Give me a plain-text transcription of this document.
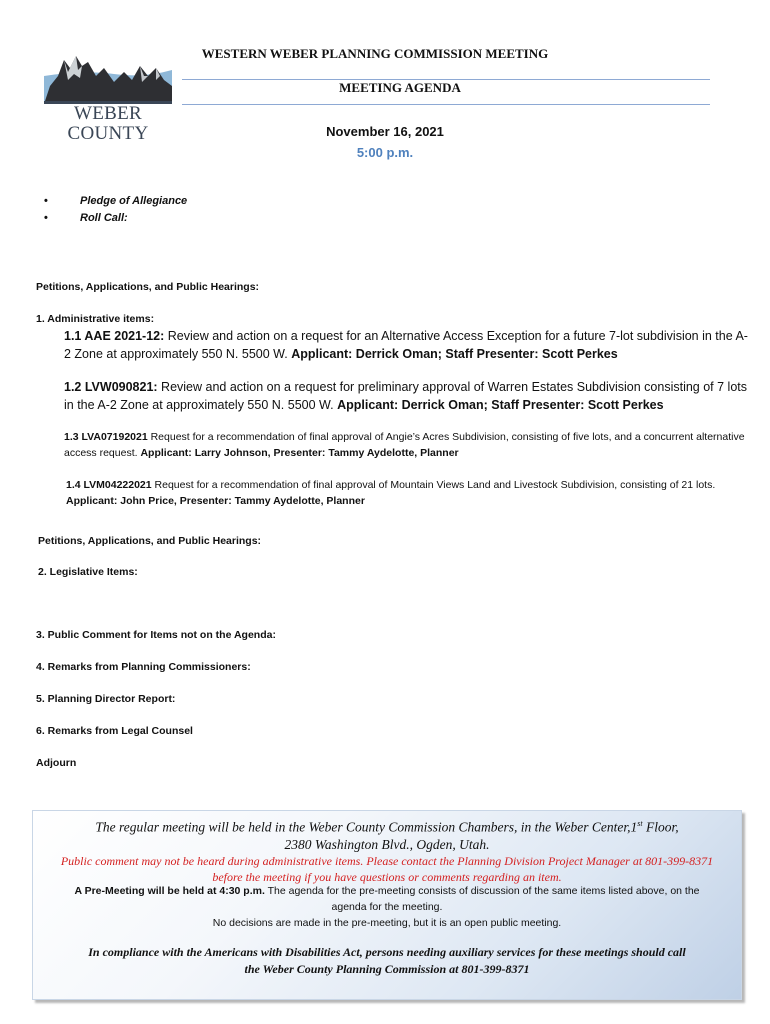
WEBER COUNTY
WESTERN WEBER PLANNING COMMISSION MEETING
MEETING AGENDA
November 16, 2021
5:00 p.m.
•	Pledge of Allegiance
•	Roll Call:
Petitions, Applications, and Public Hearings:
1. Administrative items:
1.1 AAE 2021-12: Review and action on a request for an Alternative Access Exception for a future 7-lot subdivision in the A-2 Zone at approximately 550 N. 5500 W. Applicant: Derrick Oman; Staff Presenter: Scott Perkes
1.2 LVW090821: Review and action on a request for preliminary approval of Warren Estates Subdivision consisting of 7 lots in the A-2 Zone at approximately 550 N. 5500 W. Applicant: Derrick Oman; Staff Presenter: Scott Perkes
1.3 LVA07192021 Request for a recommendation of final approval of Angie’s Acres Subdivision, consisting of five lots, and a concurrent alternative access request. Applicant: Larry Johnson, Presenter: Tammy Aydelotte, Planner
1.4 LVM04222021 Request for a recommendation of final approval of Mountain Views Land and Livestock Subdivision, consisting of 21 lots. Applicant: John Price, Presenter: Tammy Aydelotte, Planner
Petitions, Applications, and Public Hearings:
2. Legislative Items:
3. Public Comment for Items not on the Agenda:
4. Remarks from Planning Commissioners:
5. Planning Director Report:
6. Remarks from Legal Counsel
Adjourn
The regular meeting will be held in the Weber County Commission Chambers, in the Weber Center,1st Floor,
2380 Washington Blvd., Ogden, Utah.
Public comment may not be heard during administrative items. Please contact the Planning Division Project Manager at 801-399-8371
before the meeting if you have questions or comments regarding an item.
A Pre-Meeting will be held at 4:30 p.m. The agenda for the pre-meeting consists of discussion of the same items listed above, on the
agenda for the meeting.
No decisions are made in the pre-meeting, but it is an open public meeting.
In compliance with the Americans with Disabilities Act, persons needing auxiliary services for these meetings should call
the Weber County Planning Commission at 801-399-8371
